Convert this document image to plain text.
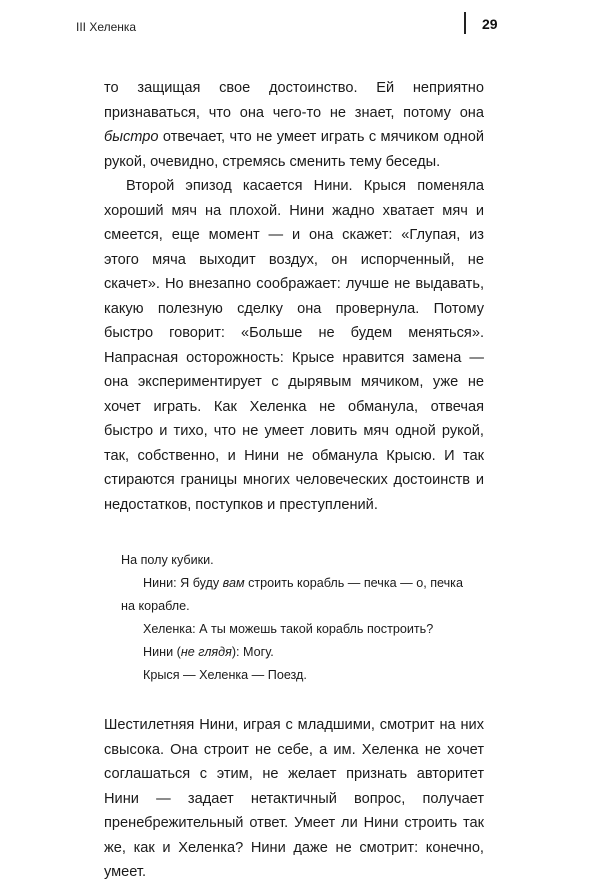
III Хеленка	29

то защищая свое достоинство. Ей неприятно признаваться, что она чего-то не знает, потому она быстро отвечает, что не умеет играть с мячиком одной рукой, очевидно, стремясь сменить тему беседы.

Второй эпизод касается Нини. Крыся поменяла хороший мяч на плохой. Нини жадно хватает мяч и смеется, еще момент — и она скажет: «Глупая, из этого мяча выходит воздух, он испорченный, не скачет». Но внезапно соображает: лучше не выдавать, какую полезную сделку она провернула. Потому быстро говорит: «Больше не будем меняться». Напрасная осторожность: Крысе нравится замена — она экспериментирует с дырявым мячиком, уже не хочет играть. Как Хеленка не обманула, отвечая быстро и тихо, что не умеет ловить мяч одной рукой, так, собственно, и Нини не обманула Крысю. И так стираются границы многих человеческих достоинств и недостатков, поступков и преступлений.

На полу кубики.

Нини: Я буду вам строить корабль — печка — о, печка

на корабле.

Хеленка: А ты можешь такой корабль построить?

Нини (не глядя): Могу.

Крыся — Хеленка — Поезд.

Шестилетняя Нини, играя с младшими, смотрит на них свысока. Она строит не себе, а им. Хеленка не хочет соглашаться с этим, не желает признать авторитет Нини — задает нетактичный вопрос, получает пренебрежительный ответ. Умеет ли Нини строить так же, как и Хеленка? Нини даже не смотрит: конечно, умеет.
